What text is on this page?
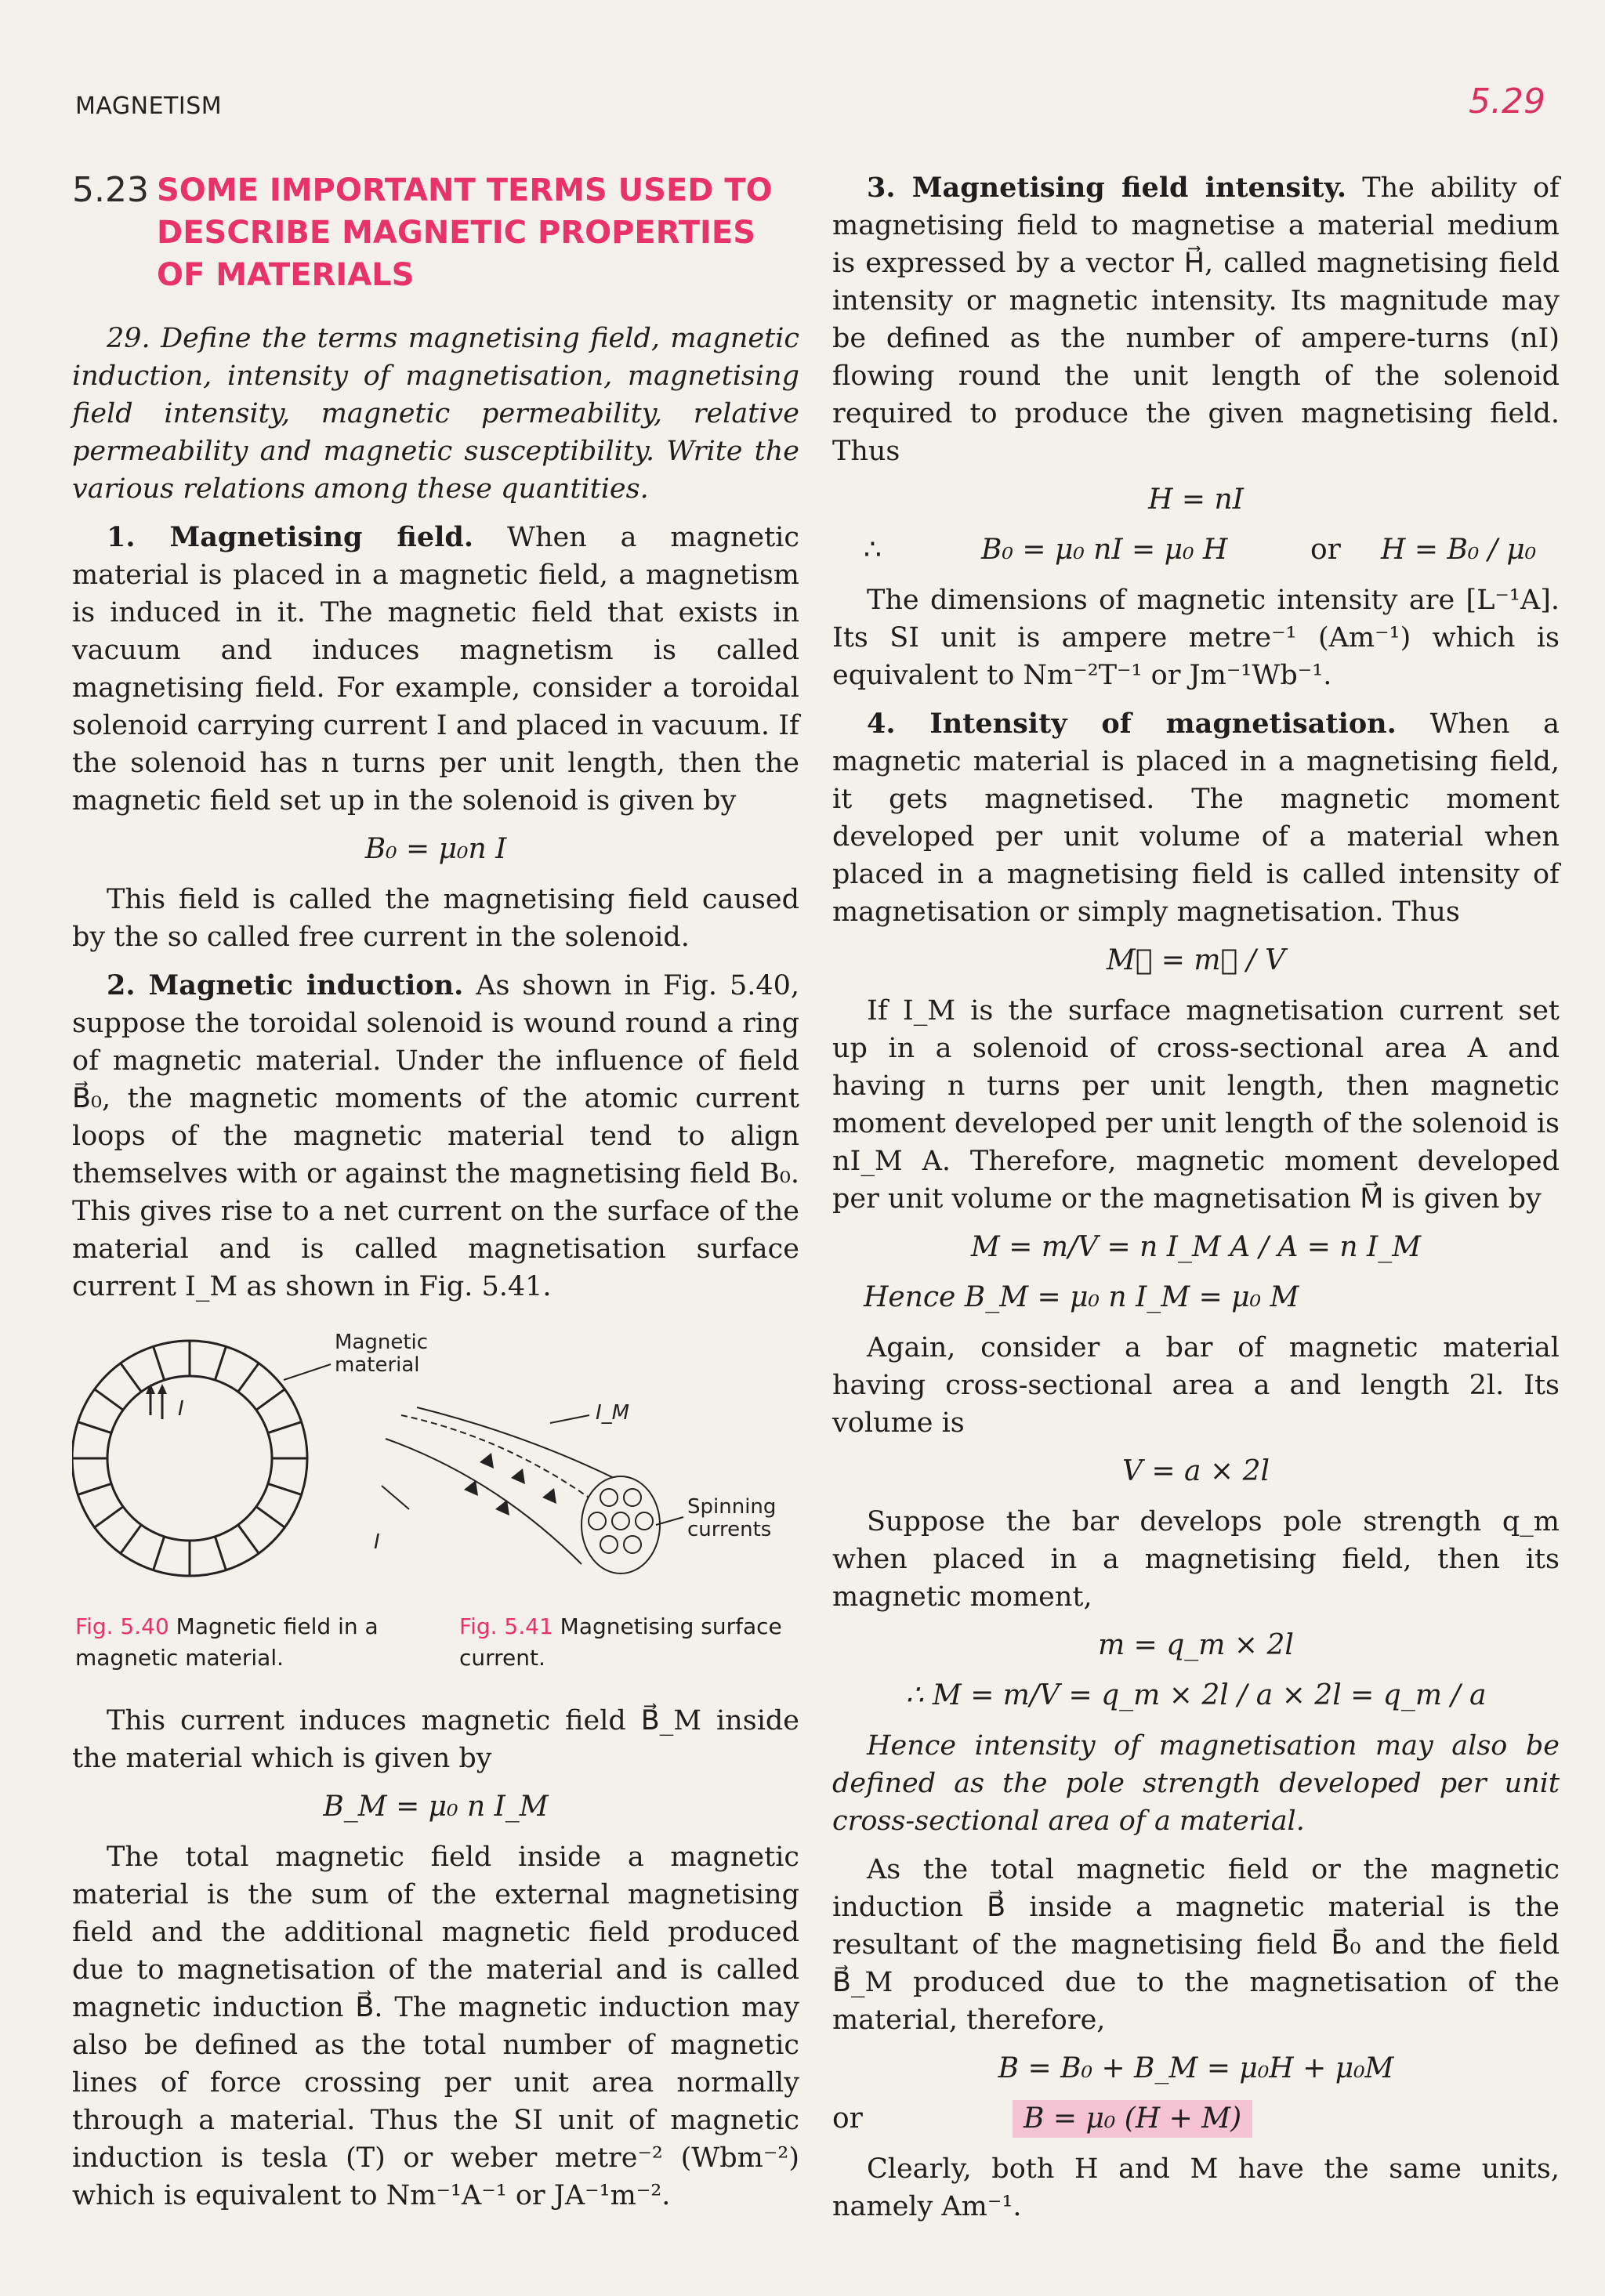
MAGNETISM	5.29
5.23 SOME IMPORTANT TERMS USED TO DESCRIBE MAGNETIC PROPERTIES OF MATERIALS

29. Define the terms magnetising field, magnetic induction, intensity of magnetisation, magnetising field intensity, magnetic permeability, relative permeability and magnetic susceptibility. Write the various relations among these quantities.

1. Magnetising field. When a magnetic material is placed in a magnetic field, a magnetism is induced in it. The magnetic field that exists in vacuum and induces magnetism is called magnetising field. For example, consider a toroidal solenoid carrying current I and placed in vacuum. If the solenoid has n turns per unit length, then the magnetic field set up in the solenoid is given by

B₀ = μ₀n I

This field is called the magnetising field caused by the so called free current in the solenoid.

2. Magnetic induction. As shown in Fig. 5.40, suppose the toroidal solenoid is wound round a ring of magnetic material. Under the influence of field B⃗₀, the magnetic moments of the atomic current loops of the magnetic material tend to align themselves with or against the magnetising field B₀. This gives rise to a net current on the surface of the material and is called magnetisation surface current I_M as shown in Fig. 5.41.

I
Magnetic
material
I_M
I
Spinning
currents
Fig. 5.40 Magnetic field in a magnetic material.
Fig. 5.41 Magnetising surface current.

This current induces magnetic field B⃗_M inside the material which is given by

B_M = μ₀ n I_M

The total magnetic field inside a magnetic material is the sum of the external magnetising field and the additional magnetic field produced due to magnetisation of the material and is called magnetic induction B⃗. The magnetic induction may also be defined as the total number of magnetic lines of force crossing per unit area normally through a material. Thus the SI unit of magnetic induction is tesla (T) or weber metre⁻² (Wbm⁻²) which is equivalent to Nm⁻¹A⁻¹ or JA⁻¹m⁻².

3. Magnetising field intensity. The ability of magnetising field to magnetise a material medium is expressed by a vector H⃗, called magnetising field intensity or magnetic intensity. Its magnitude may be defined as the number of ampere-turns (nI) flowing round the unit length of the solenoid required to produce the given magnetising field. Thus

H = nI
∴	B₀ = μ₀ nI = μ₀ H	or	H = B₀ / μ₀

The dimensions of magnetic intensity are [L⁻¹A]. Its SI unit is ampere metre⁻¹ (Am⁻¹) which is equivalent to Nm⁻²T⁻¹ or Jm⁻¹Wb⁻¹.

4. Intensity of magnetisation. When a magnetic material is placed in a magnetising field, it gets magnetised. The magnetic moment developed per unit volume of a material when placed in a magnetising field is called intensity of magnetisation or simply magnetisation. Thus

M⃗ = m⃗ / V

If I_M is the surface magnetisation current set up in a solenoid of cross-sectional area A and having n turns per unit length, then magnetic moment developed per unit length of the solenoid is nI_M A. Therefore, magnetic moment developed per unit volume or the magnetisation M⃗ is given by

M = m/V = n I_M A / A = n I_M
Hence B_M = μ₀ n I_M = μ₀ M

Again, consider a bar of magnetic material having cross-sectional area a and length 2l. Its volume is

V = a × 2l

Suppose the bar develops pole strength q_m when placed in a magnetising field, then its magnetic moment,

m = q_m × 2l
∴ M = m/V = q_m × 2l / a × 2l = q_m / a

Hence intensity of magnetisation may also be defined as the pole strength developed per unit cross-sectional area of a material.

As the total magnetic field or the magnetic induction B⃗ inside a magnetic material is the resultant of the magnetising field B⃗₀ and the field B⃗_M produced due to the magnetisation of the material, therefore,

B = B₀ + B_M = μ₀H + μ₀M
or	B = μ₀ (H + M)

Clearly, both H and M have the same units, namely Am⁻¹.
